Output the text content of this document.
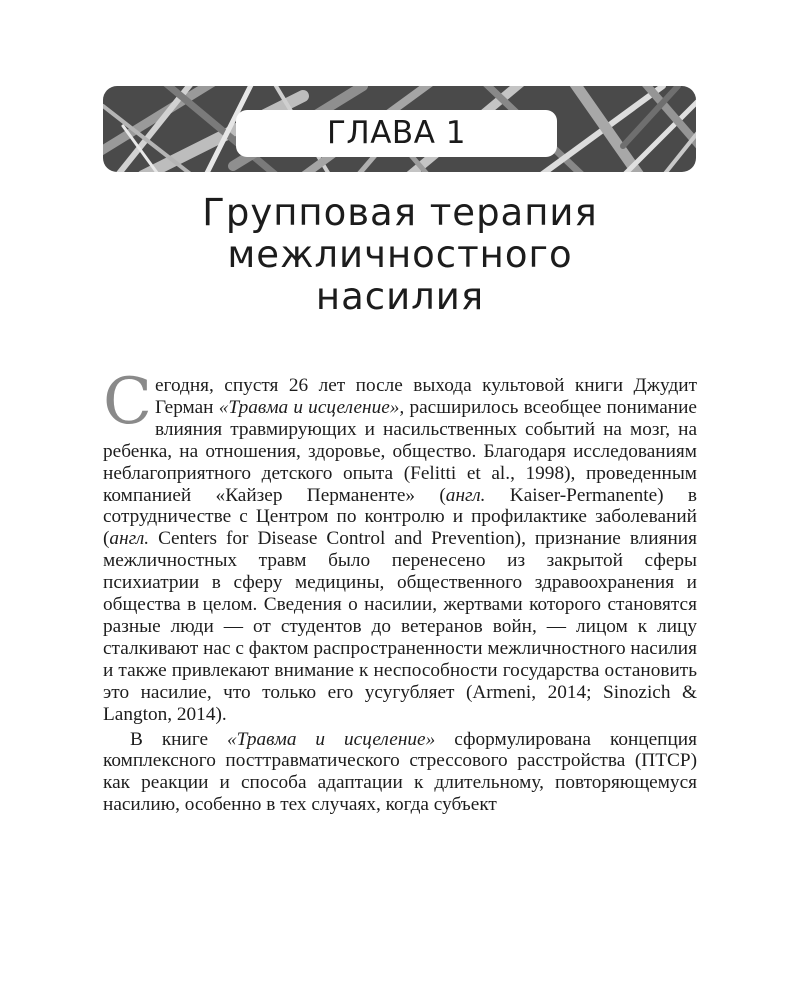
ГЛАВА 1
Групповая терапия
межличностного
насилия

Сегодня, спустя 26 лет после выхода культовой книги Джудит Герман «Травма и исцеление», расширилось всеобщее понимание влияния травмирующих и насильственных событий на мозг, на ребенка, на отношения, здоровье, общество. Благодаря исследованиям неблагоприятного детского опыта (Felitti et al., 1998), проведенным компанией «Кайзер Перманенте» (англ. Kaiser-Permanente) в сотрудничестве с Центром по контролю и профилактике заболеваний (англ. Centers for Disease Control and Prevention), признание влияния межличностных травм было перенесено из закрытой сферы психиатрии в сферу медицины, общественного здравоохранения и общества в целом. Сведения о насилии, жертвами которого становятся разные люди — от студентов до ветеранов войн, — лицом к лицу сталкивают нас с фактом распространенности межличностного насилия и также привлекают внимание к неспособности государства остановить это насилие, что только его усугубляет (Armeni, 2014; Sinozich & Langton, 2014).

В книге «Травма и исцеление» сформулирована концепция комплексного посттравматического стрессового расстройства (ПТСР) как реакции и способа адаптации к длительному, повторяющемуся насилию, особенно в тех случаях, когда субъект
